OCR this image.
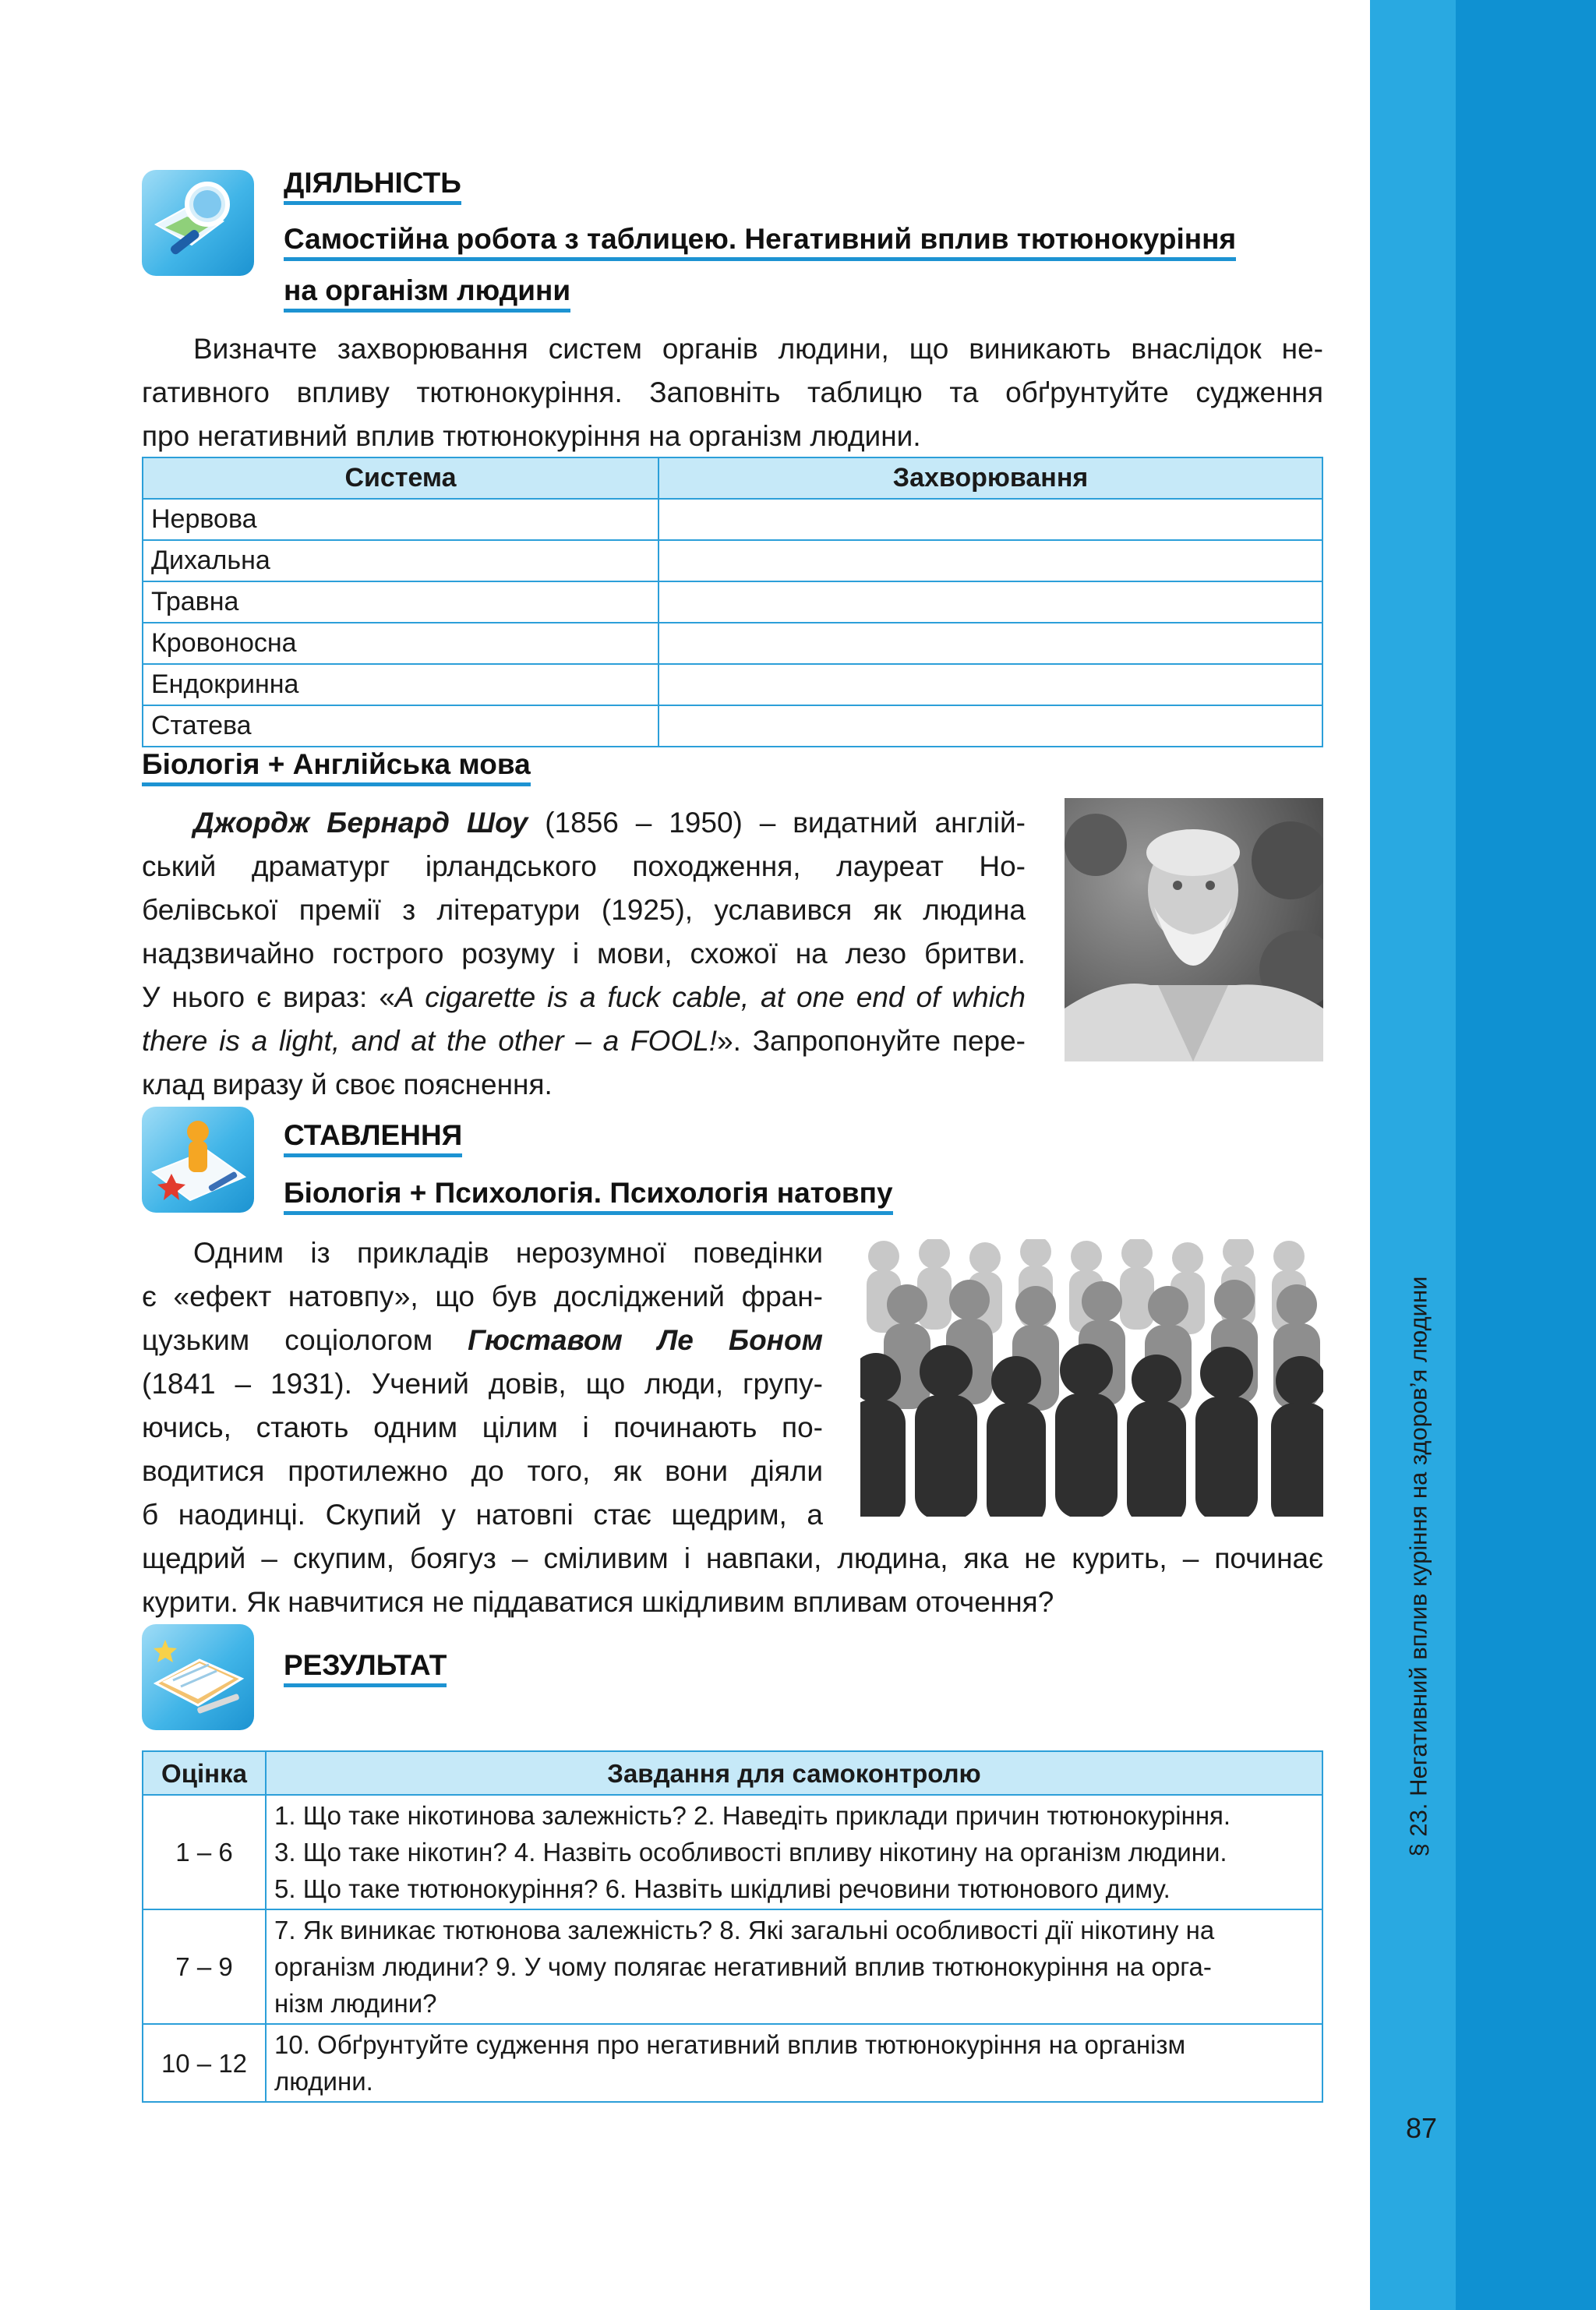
§ 23. Негативний вплив куріння на здоров’я людини
87
ДІЯЛЬНІСТЬ
Самостійна робота з таблицею. Негативний вплив тютюнокуріння
на організм людини
Визначте захворювання систем органів людини, що виникають внаслідок не-
гативного впливу тютюнокуріння. Заповніть таблицю та обґрунтуйте судження
про негативний вплив тютюнокуріння на організм людини.
Система	Захворювання
Нервова	
Дихальна	
Травна	
Кровоносна	
Ендокринна	
Статева	
Біологія + Англійська мова
Джордж Бернард Шоу (1856 – 1950) – видатний англій-
ський драматург ірландського походження, лауреат Но-
белівської премії з літератури (1925), уславився як людина
надзвичайно гострого розуму і мови, схожої на лезо бритви.
У нього є вираз: «A cigarette is a fuck cable, at one end of which
there is a light, and at the other – a FOOL!». Запропонуйте пере-
клад виразу й своє пояснення.
СТАВЛЕННЯ
Біологія + Психологія. Психологія натовпу
Одним із прикладів нерозумної поведінки
є «ефект натовпу», що був досліджений фран-
цузьким соціологом Гюставом Ле Боном
(1841 – 1931). Учений довів, що люди, групу-
ючись, стають одним цілим і починають по-
водитися протилежно до того, як вони діяли
б наодинці. Скупий у натовпі стає щедрим, а
щедрий – скупим, боягуз – сміливим і навпаки, людина, яка не курить, – починає
курити. Як навчитися не піддаватися шкідливим впливам оточення?
РЕЗУЛЬТАТ
Оцінка	Завдання для самоконтролю
1 – 6	1. Що таке нікотинова залежність? 2. Наведіть приклади причин тютюнокуріння.
3. Що таке нікотин? 4. Назвіть особливості впливу нікотину на організм людини.
5. Що таке тютюнокуріння? 6. Назвіть шкідливі речовини тютюнового диму.

7 – 9	7. Як виникає тютюнова залежність? 8. Які загальні особливості дії нікотину на
організм людини? 9. У чому полягає негативний вплив тютюнокуріння на орга-
нізм людини?

10 – 12	10. Обґрунтуйте судження про негативний вплив тютюнокуріння на організм
людини.
